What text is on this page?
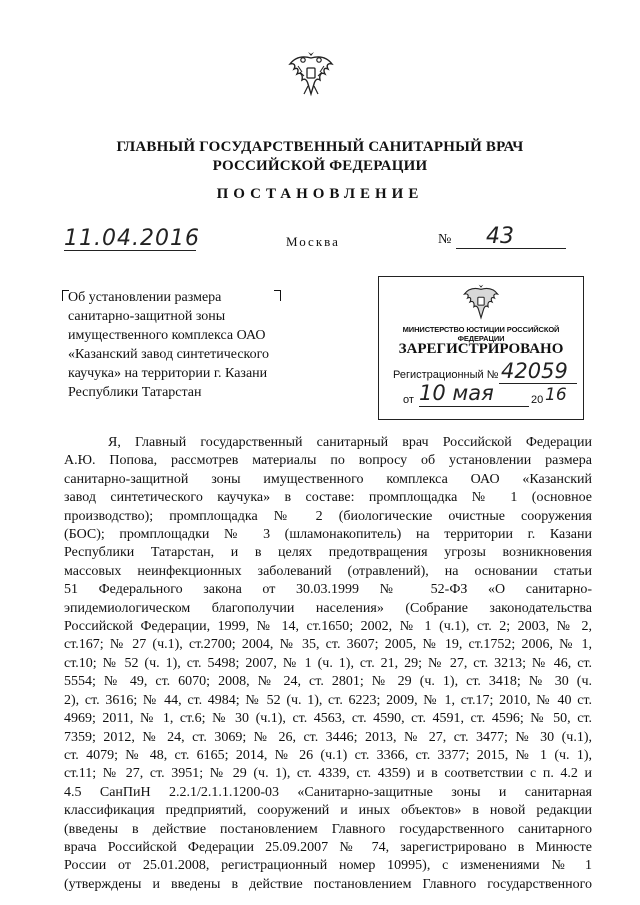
ГЛАВНЫЙ ГОСУДАРСТВЕННЫЙ САНИТАРНЫЙ ВРАЧ
РОССИЙСКОЙ ФЕДЕРАЦИИ
ПОСТАНОВЛЕНИЕ
11.04.2016	Москва	№ 43
Об установлении размера
санитарно-защитной зоны
имущественного комплекса ОАО
«Казанский завод синтетического
каучука» на территории г. Казани
Республики Татарстан
МИНИСТЕРСТВО ЮСТИЦИИ РОССИЙСКОЙ ФЕДЕРАЦИИ
ЗАРЕГИСТРИРОВАНО
Регистрационный № 42059
от 10 мая	20 16
Я, Главный государственный санитарный врач Российской Федерации
А.Ю. Попова, рассмотрев материалы по вопросу об установлении размера
санитарно-защитной зоны имущественного комплекса ОАО «Казанский
завод синтетического каучука» в составе: промплощадка № 1 (основное
производство); промплощадка № 2 (биологические очистные сооружения
(БОС); промплощадки № 3 (шламонакопитель) на территории г. Казани
Республики Татарстан, и в целях предотвращения угрозы возникновения
массовых неинфекционных заболеваний (отравлений), на основании статьи
51 Федерального закона от 30.03.1999 № 52-ФЗ «О санитарно-
эпидемиологическом благополучии населения» (Собрание законодательства
Российской Федерации, 1999, № 14, ст.1650; 2002, № 1 (ч.1), ст. 2; 2003, № 2,
ст.167; № 27 (ч.1), ст.2700; 2004, № 35, ст. 3607; 2005, № 19, ст.1752; 2006, № 1,
ст.10; № 52 (ч. 1), ст. 5498; 2007, № 1 (ч. 1), ст. 21, 29; № 27, ст. 3213; № 46, ст.
5554; № 49, ст. 6070; 2008, № 24, ст. 2801; № 29 (ч. 1), ст. 3418; № 30 (ч.
2), ст. 3616; № 44, ст. 4984; № 52 (ч. 1), ст. 6223; 2009, № 1, ст.17; 2010, № 40 ст.
4969; 2011, № 1, ст.6; № 30 (ч.1), ст. 4563, ст. 4590, ст. 4591, ст. 4596; № 50, ст.
7359; 2012, № 24, ст. 3069; № 26, ст. 3446; 2013, № 27, ст. 3477; № 30 (ч.1),
ст. 4079; № 48, ст. 6165; 2014, № 26 (ч.1) ст. 3366, ст. 3377; 2015, № 1 (ч. 1),
ст.11; № 27, ст. 3951; № 29 (ч. 1), ст. 4339, ст. 4359) и в соответствии с п. 4.2 и
4.5 СанПиН 2.2.1/2.1.1.1200-03 «Санитарно-защитные зоны и санитарная
классификация предприятий, сооружений и иных объектов» в новой редакции
(введены в действие постановлением Главного государственного санитарного
врача Российской Федерации 25.09.2007 № 74, зарегистрировано в Минюсте
России от 25.01.2008, регистрационный номер 10995), с изменениями № 1
(утверждены и введены в действие постановлением Главного государственного
